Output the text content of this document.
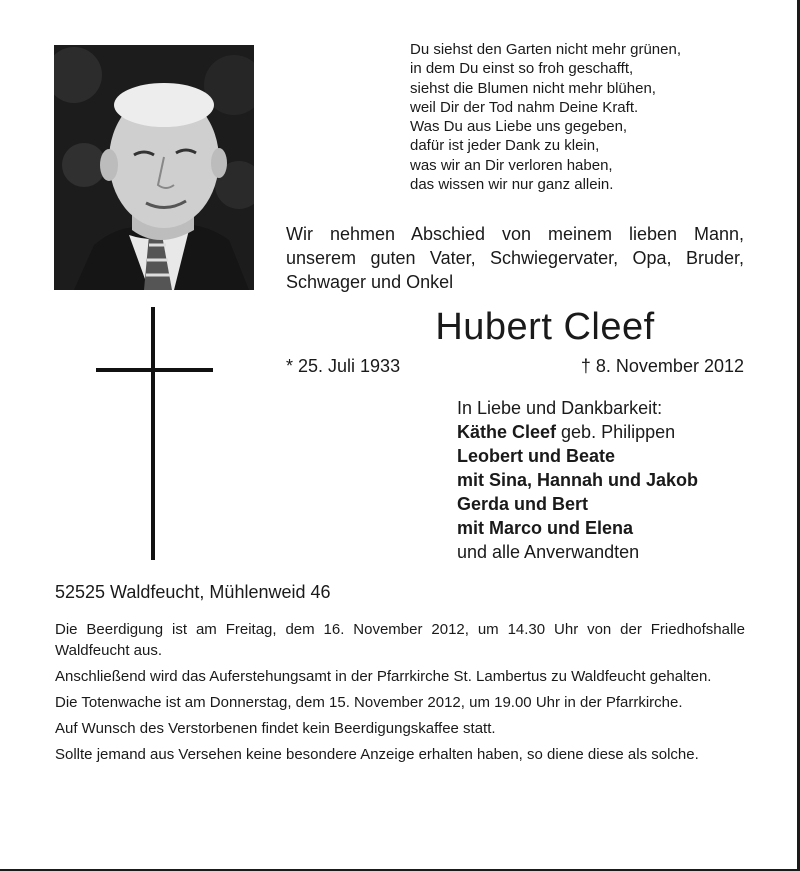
Du siehst den Garten nicht mehr grünen,
in dem Du einst so froh geschafft,
siehst die Blumen nicht mehr blühen,
weil Dir der Tod nahm Deine Kraft.
Was Du aus Liebe uns gegeben,
dafür ist jeder Dank zu klein,
was wir an Dir verloren haben,
das wissen wir nur ganz allein.
Wir nehmen Abschied von meinem lieben Mann, unserem guten Vater, Schwiegervater, Opa, Bruder, Schwager und Onkel
Hubert Cleef
* 25. Juli 1933	† 8. November 2012
In Liebe und Dankbarkeit:
Käthe Cleef geb. Philippen
Leobert und Beate
mit Sina, Hannah und Jakob
Gerda und Bert
mit Marco und Elena
und alle Anverwandten
52525 Waldfeucht, Mühlenweid 46

Die Beerdigung ist am Freitag, dem 16. November 2012, um 14.30 Uhr von der Friedhofshalle Waldfeucht aus.

Anschließend wird das Auferstehungsamt in der Pfarrkirche St. Lambertus zu Waldfeucht gehalten.

Die Totenwache ist am Donnerstag, dem 15. November 2012, um 19.00 Uhr in der Pfarrkirche.

Auf Wunsch des Verstorbenen findet kein Beerdigungskaffee statt.

Sollte jemand aus Versehen keine besondere Anzeige erhalten haben, so diene diese als solche.
